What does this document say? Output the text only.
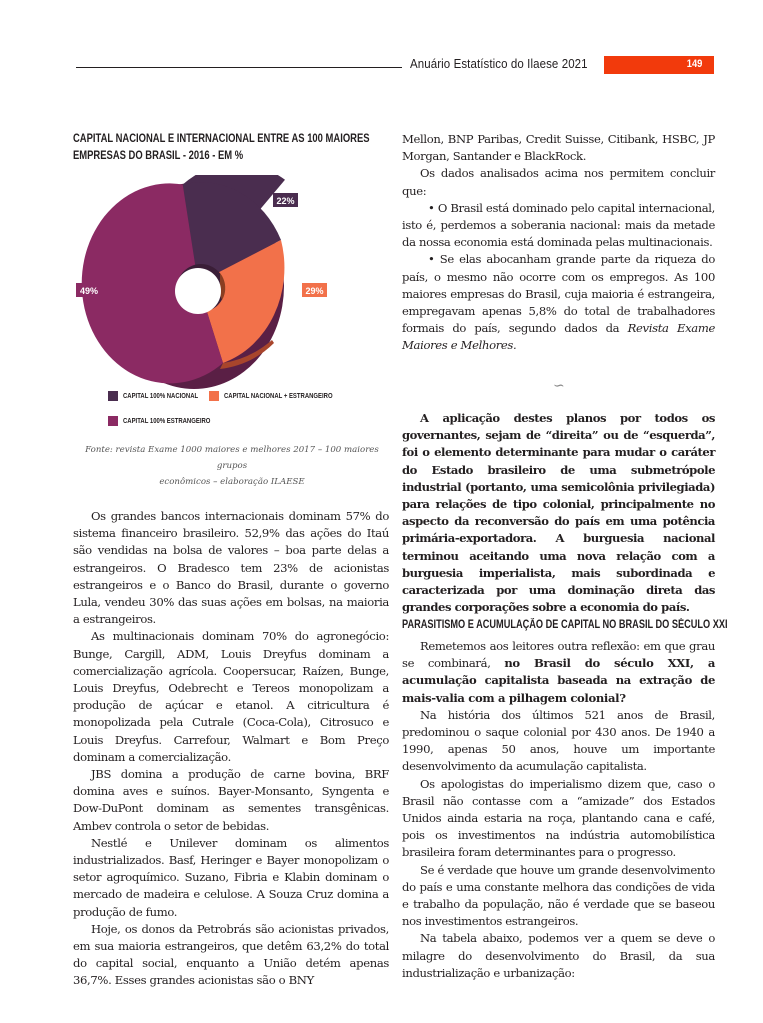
Anuário Estatístico do Ilaese 2021	149
CAPITAL NACIONAL E INTERNACIONAL ENTRE AS 100 MAIORES
EMPRESAS DO BRASIL - 2016 - EM %
22%
29%
49%
CAPITAL 100% NACIONAL	CAPITAL NACIONAL + ESTRANGEIRO
CAPITAL 100% ESTRANGEIRO
Fonte: revista Exame 1000 maiores e melhores 2017 – 100 maiores grupos
econômicos – elaboração ILAESE

Os grandes bancos internacionais dominam 57% do sistema financeiro brasileiro. 52,9% das ações do Itaú são vendidas na bolsa de valores – boa parte delas a estrangeiros. O Bradesco tem 23% de acionistas estrangeiros e o Banco do Brasil, durante o governo Lula, vendeu 30% das suas ações em bolsas, na maioria a estrangeiros.

As multinacionais dominam 70% do agronegócio: Bunge, Cargill, ADM, Louis Dreyfus dominam a comercialização agrícola. Coopersucar, Raízen, Bunge, Louis Dreyfus, Odebrecht e Tereos monopolizam a produção de açúcar e etanol. A citricultura é monopolizada pela Cutrale (Coca-Cola), Citrosuco e Louis Dreyfus. Carrefour, Walmart e Bom Preço dominam a comercialização.

JBS domina a produção de carne bovina, BRF domina aves e suínos. Bayer-Monsanto, Syngenta e Dow-DuPont dominam as sementes transgênicas. Ambev controla o setor de bebidas.

Nestlé e Unilever dominam os alimentos industrializados. Basf, Heringer e Bayer monopolizam o setor agroquímico. Suzano, Fibria e Klabin dominam o mercado de madeira e celulose. A Souza Cruz domina a produção de fumo.

Hoje, os donos da Petrobrás são acionistas privados, em sua maioria estrangeiros, que detêm 63,2% do total do capital social, enquanto a União detém apenas 36,7%. Esses grandes acionistas são o BNY

Mellon, BNP Paribas, Credit Suisse, Citibank, HSBC, JP Morgan, Santander e BlackRock.

Os dados analisados acima nos permitem concluir que:

• O Brasil está dominado pelo capital internacional, isto é, perdemos a soberania nacional: mais da metade da nossa economia está dominada pelas multinacionais.

• Se elas abocanham grande parte da riqueza do país, o mesmo não ocorre com os empregos. As 100 maiores empresas do Brasil, cuja maioria é estrangeira, empregavam apenas 5,8% do total de trabalhadores formais do país, segundo dados da Revista Exame Maiores e Melhores.

∽

A aplicação destes planos por todos os governantes, sejam de “direita” ou de “esquerda”, foi o elemento determinante para mudar o caráter do Estado brasileiro de uma submetrópole industrial (portanto, uma semicolônia privilegiada) para relações de tipo colonial, principalmente no aspecto da reconversão do país em uma potência primária-exportadora. A burguesia nacional terminou aceitando uma nova relação com a burguesia imperialista, mais subordinada e caracterizada por uma dominação direta das grandes corporações sobre a economia do país.

PARASITISMO E ACUMULAÇÃO DE CAPITAL NO BRASIL DO SÉCULO XXI

Remetemos aos leitores outra reflexão: em que grau se combinará, no Brasil do século XXI, a acumulação capitalista baseada na extração de mais-valia com a pilhagem colonial?

Na história dos últimos 521 anos de Brasil, predominou o saque colonial por 430 anos. De 1940 a 1990, apenas 50 anos, houve um importante desenvolvimento da acumulação capitalista.

Os apologistas do imperialismo dizem que, caso o Brasil não contasse com a “amizade” dos Estados Unidos ainda estaria na roça, plantando cana e café, pois os investimentos na indústria automobilística brasileira foram determinantes para o progresso.

Se é verdade que houve um grande desenvolvimento do país e uma constante melhora das condições de vida e trabalho da população, não é verdade que se baseou nos investimentos estrangeiros.

Na tabela abaixo, podemos ver a quem se deve o milagre do desenvolvimento do Brasil, da sua industrialização e urbanização:
